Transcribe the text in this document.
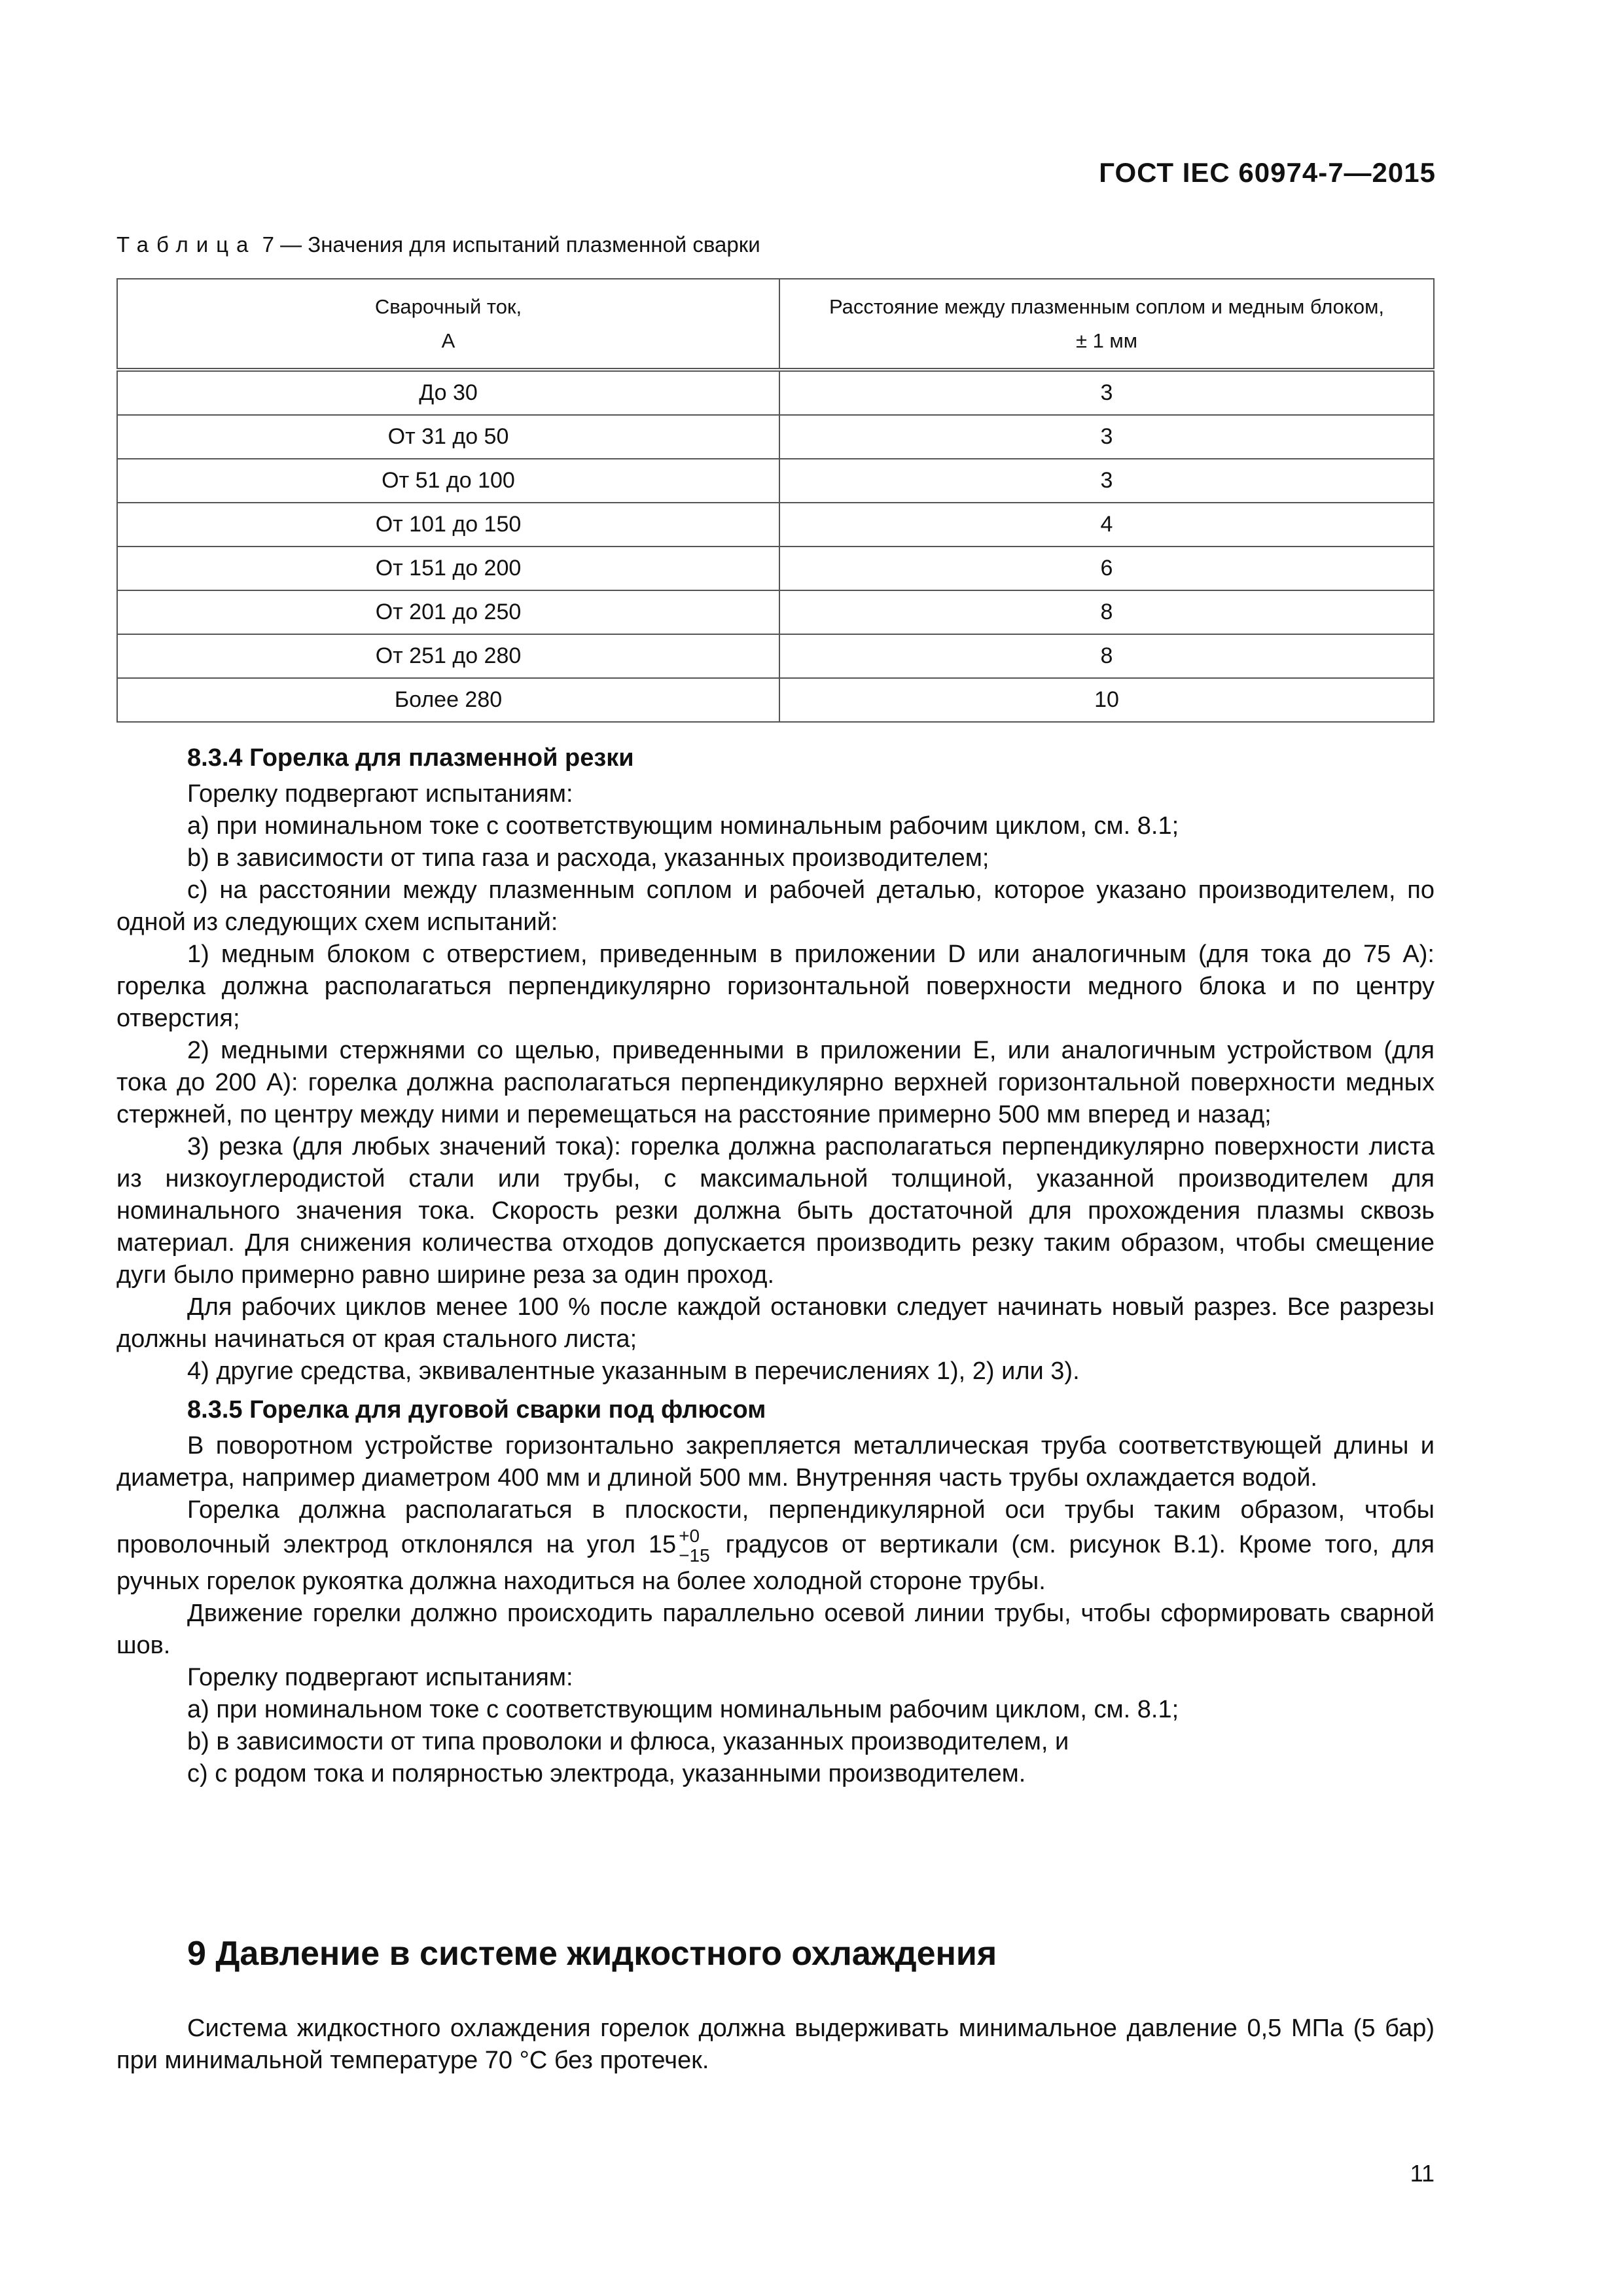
ГОСТ IEC 60974-7—2015
Таблица 7 — Значения для испытаний плазменной сварки
Сварочный ток,
А	Расстояние между плазменным соплом и медным блоком,
± 1 мм
До 30	3
От 31 до 50	3
От 51 до 100	3
От 101 до 150	4
От 151 до 200	6
От 201 до 250	8
От 251 до 280	8
Более 280	10

8.3.4 Горелка для плазменной резки

Горелку подвергают испытаниям:

a) при номинальном токе с соответствующим номинальным рабочим циклом, см. 8.1;

b) в зависимости от типа газа и расхода, указанных производителем;

c) на расстоянии между плазменным соплом и рабочей деталью, которое указано производителем, по одной из следующих схем испытаний:

1) медным блоком с отверстием, приведенным в приложении D или аналогичным (для тока до 75 А): горелка должна располагаться перпендикулярно горизонтальной поверхности медного блока и по центру отверстия;

2) медными стержнями со щелью, приведенными в приложении Е, или аналогичным устройством (для тока до 200 А): горелка должна располагаться перпендикулярно верхней горизонтальной поверхности медных стержней, по центру между ними и перемещаться на расстояние примерно 500 мм вперед и назад;

3) резка (для любых значений тока): горелка должна располагаться перпендикулярно поверхности листа из низкоуглеродистой стали или трубы, с максимальной толщиной, указанной производителем для номинального значения тока. Скорость резки должна быть достаточной для прохождения плазмы сквозь материал. Для снижения количества отходов допускается производить резку таким образом, чтобы смещение дуги было примерно равно ширине реза за один проход.

Для рабочих циклов менее 100 % после каждой остановки следует начинать новый разрез. Все разрезы должны начинаться от края стального листа;

4) другие средства, эквивалентные указанным в перечислениях 1), 2) или 3).

8.3.5 Горелка для дуговой сварки под флюсом

В поворотном устройстве горизонтально закрепляется металлическая труба соответствующей длины и диаметра, например диаметром 400 мм и длиной 500 мм. Внутренняя часть трубы охлаждается водой.

Горелка должна располагаться в плоскости, перпендикулярной оси трубы таким образом, чтобы проволочный электрод отклонялся на угол 15 +0
−15 градусов от вертикали (см. рисунок В.1). Кроме того, для ручных горелок рукоятка должна находиться на более холодной стороне трубы.

Движение горелки должно происходить параллельно осевой линии трубы, чтобы сформировать сварной шов.

Горелку подвергают испытаниям:

a) при номинальном токе с соответствующим номинальным рабочим циклом, см. 8.1;

b) в зависимости от типа проволоки и флюса, указанных производителем, и

c) с родом тока и полярностью электрода, указанными производителем.

9 Давление в системе жидкостного охлаждения

Система жидкостного охлаждения горелок должна выдерживать минимальное давление 0,5 МПа (5 бар) при минимальной температуре 70 °С без протечек.

11
